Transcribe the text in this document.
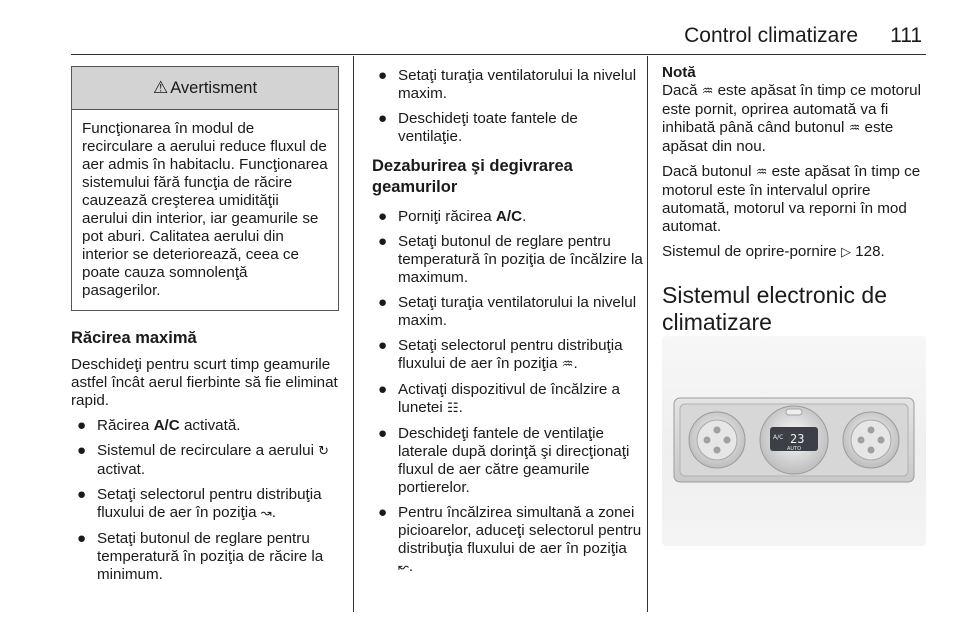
Control climatizare 111
⚠ Avertisment

Funcţionarea în modul de recirculare a aerului reduce fluxul de aer admis în habitaclu. Funcţionarea sistemului fără funcţia de răcire cauzează creşterea umidităţii aerului din interior, iar geamurile se pot aburi. Calitatea aerului din interior se deteriorează, ceea ce poate cauza somnolenţă pasagerilor.

Răcirea maximă

Deschideţi pentru scurt timp geamurile astfel încât aerul fierbinte să fie eliminat rapid.

● Răcirea A/C activată.
● Sistemul de recirculare a aerului ↻ activat.
● Setaţi selectorul pentru distribuţia fluxului de aer în poziţia ↝.
● Setaţi butonul de reglare pentru temperatură în poziţia de răcire la minimum.
● Setaţi turaţia ventilatorului la nivelul maxim.
● Deschideţi toate fantele de ventilaţie.
Dezaburirea şi degivrarea geamurilor
● Porniţi răcirea A/C.
● Setaţi butonul de reglare pentru temperatură în poziţia de încălzire la maximum.
● Setaţi turaţia ventilatorului la nivelul maxim.
● Setaţi selectorul pentru distribuţia fluxului de aer în poziţia ♒.
● Activaţi dispozitivul de încălzire a lunetei ☷.
● Deschideţi fantele de ventilaţie laterale după dorinţă şi direcţionaţi fluxul de aer către geamurile portierelor.
● Pentru încălzirea simultană a zonei picioarelor, aduceţi selectorul pentru distribuţia fluxului de aer în poziţia ↜.

Notă

Dacă ♒ este apăsat în timp ce motorul este pornit, oprirea automată va fi inhibată până când butonul ♒ este apăsat din nou.

Dacă butonul ♒ este apăsat în timp ce motorul este în intervalul oprire automată, motorul va reporni în mod automat.

Sistemul de oprire-pornire ▷ 128.

Sistemul electronic de climatizare
A/C 23
AUTO
